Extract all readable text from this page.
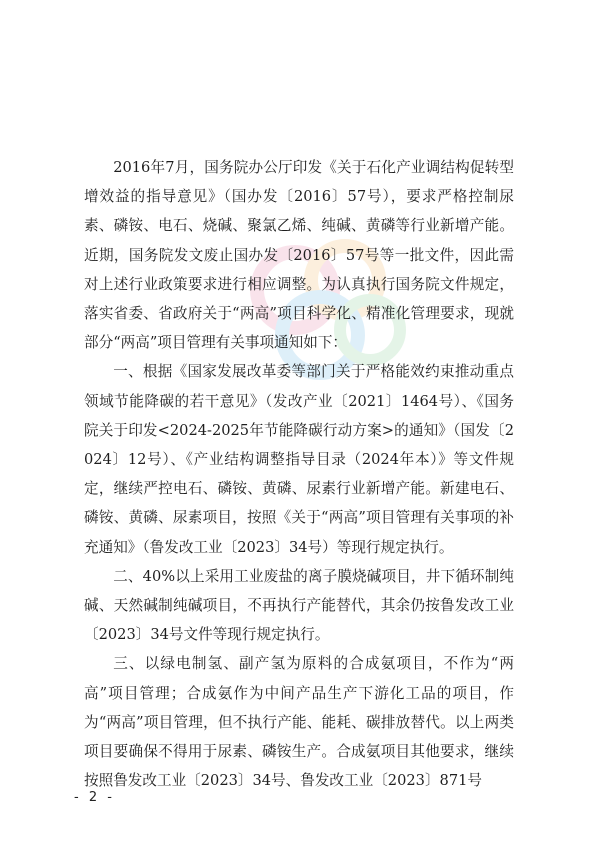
2016年7月，国务院办公厅印发《关于石化产业调结构促转型增效益的指导意见》（国办发〔2016〕57号），要求严格控制尿素、磷铵、电石、烧碱、聚氯乙烯、纯碱、黄磷等行业新增产能。近期，国务院发文废止国办发〔2016〕57号等一批文件，因此需对上述行业政策要求进行相应调整。为认真执行国务院文件规定，落实省委、省政府关于“两高”项目科学化、精准化管理要求，现就部分“两高”项目管理有关事项通知如下：

一、根据《国家发展改革委等部门关于严格能效约束推动重点领域节能降碳的若干意见》（发改产业〔2021〕1464号）、《国务院关于印发<2024-2025年节能降碳行动方案>的通知》（国发〔2024〕12号）、《产业结构调整指导目录（2024年本）》等文件规定，继续严控电石、磷铵、黄磷、尿素行业新增产能。新建电石、磷铵、黄磷、尿素项目，按照《关于“两高”项目管理有关事项的补充通知》（鲁发改工业〔2023〕34号）等现行规定执行。

二、40%以上采用工业废盐的离子膜烧碱项目，井下循环制纯碱、天然碱制纯碱项目，不再执行产能替代，其余仍按鲁发改工业〔2023〕34号文件等现行规定执行。

三、以绿电制氢、副产氢为原料的合成氨项目，不作为“两高”项目管理；合成氨作为中间产品生产下游化工品的项目，作为“两高”项目管理，但不执行产能、能耗、碳排放替代。以上两类项目要确保不得用于尿素、磷铵生产。合成氨项目其他要求，继续按照鲁发改工业〔2023〕34号、鲁发改工业〔2023〕871号

- 2 -
